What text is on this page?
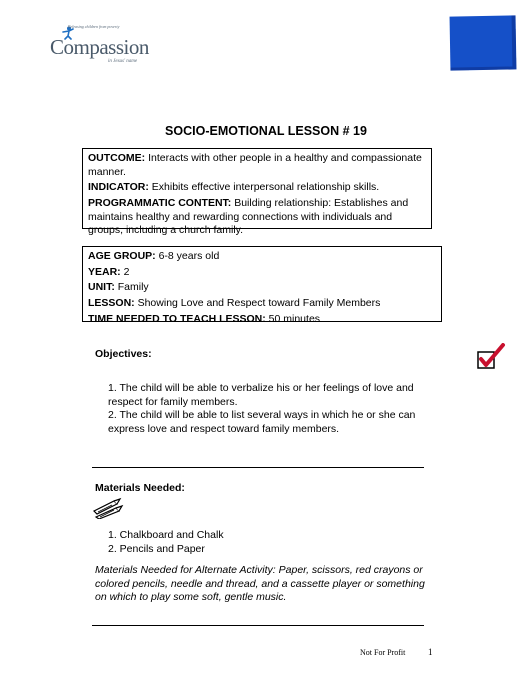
Releasing children from poverty
Compassion
in Jesus' name
SOCIO-EMOTIONAL LESSON # 19

OUTCOME: Interacts with other people in a healthy and compassionate manner.

INDICATOR: Exhibits effective interpersonal relationship skills.

PROGRAMMATIC CONTENT: Building relationship: Establishes and maintains healthy and rewarding connections with individuals and groups, including a church family.

AGE GROUP: 6-8 years old

YEAR: 2

UNIT: Family

LESSON: Showing Love and Respect toward Family Members

TIME NEEDED TO TEACH LESSON: 50 minutes

Objectives:

1. The child will be able to verbalize his or her feelings of love and respect for family members.

2. The child will be able to list several ways in which he or she can express love and respect toward family members.

Materials Needed:

1. Chalkboard and Chalk

2. Pencils and Paper

Materials Needed for Alternate Activity: Paper, scissors, red crayons or colored pencils, needle and thread, and a cassette player or something on which to play some soft, gentle music.
Not For Profit	1
